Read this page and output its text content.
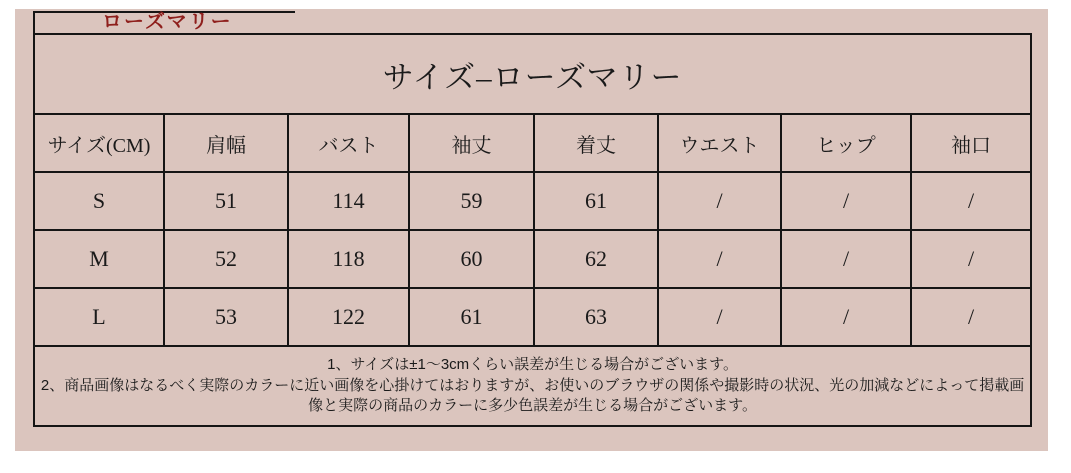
ローズマリー
サイズ–ローズマリー							
サイズ(CM)	肩幅	バスト	袖丈	着丈	ウエスト	ヒップ	袖口
S	51	114	59	61	/	/	/
M	52	118	60	62	/	/	/
L	53	122	61	63	/	/	/

1、サイズは±1～3cmくらい誤差が生じる場合がございます。
2、商品画像はなるべく実際のカラーに近い画像を心掛けてはおりますが、お使いのブラウザの関係や撮影時の状況、光の加減などによって掲載画像と実際の商品のカラーに多少色誤差が生じる場合がございます。							
